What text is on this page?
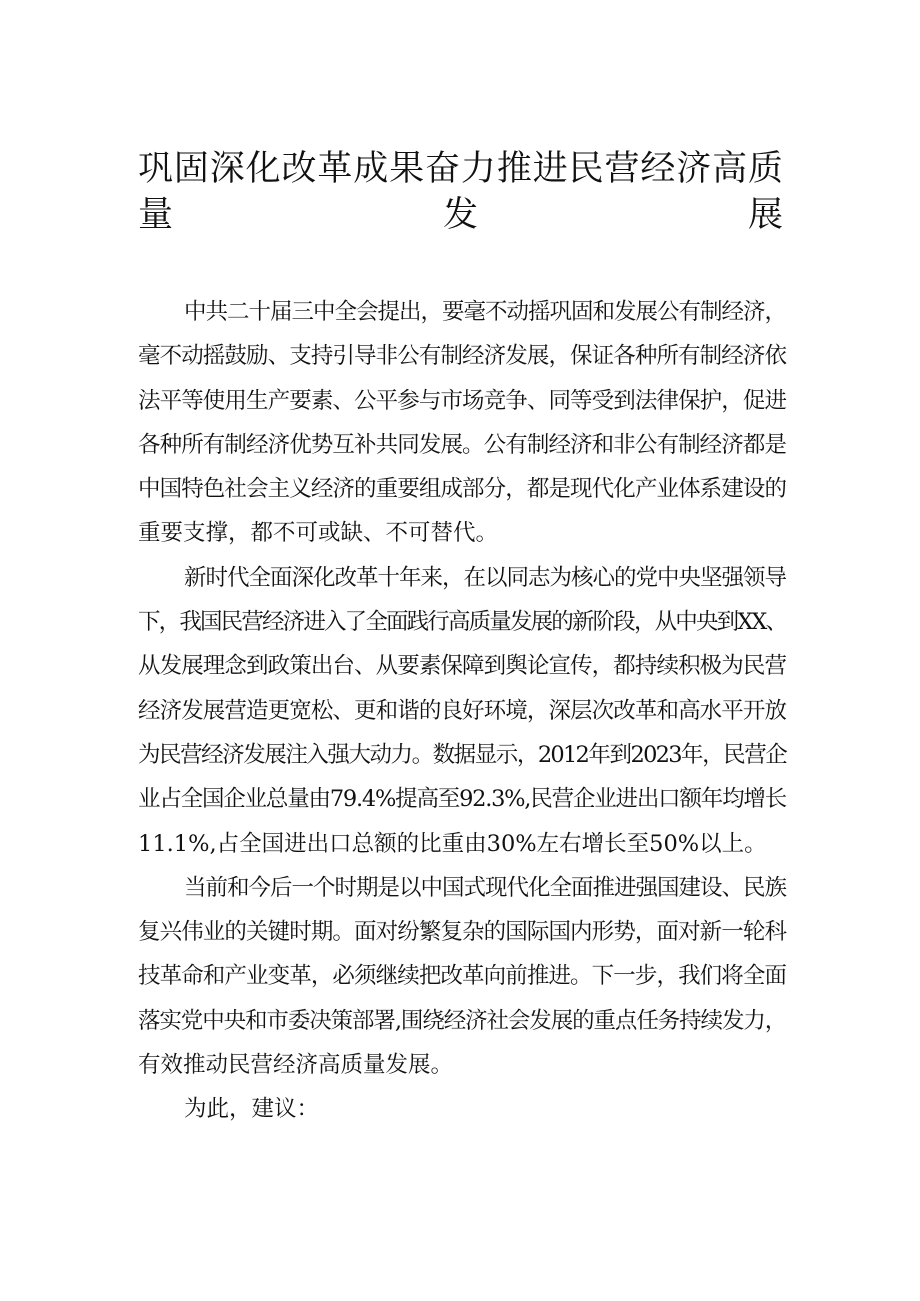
巩固深化改革成果奋力推进民营经济高质
量发展

中共二十届三中全会提出，要毫不动摇巩固和发展公有制经济，
毫不动摇鼓励、支持引导非公有制经济发展，保证各种所有制经济依
法平等使用生产要素、公平参与市场竞争、同等受到法律保护，促进
各种所有制经济优势互补共同发展。公有制经济和非公有制经济都是
中国特色社会主义经济的重要组成部分，都是现代化产业体系建设的
重要支撑，都不可或缺、不可替代。

新时代全面深化改革十年来，在以同志为核心的党中央坚强领导
下，我国民营经济进入了全面践行高质量发展的新阶段，从中央到XX、
从发展理念到政策出台、从要素保障到舆论宣传，都持续积极为民营
经济发展营造更宽松、更和谐的良好环境，深层次改革和高水平开放
为民营经济发展注入强大动力。数据显示，2012年到2023年，民营企
业占全国企业总量由79.4%提高至92.3%,民营企业进出口额年均增长
11.1%,占全国进出口总额的比重由30%左右增长至50%以上。

当前和今后一个时期是以中国式现代化全面推进强国建设、民族
复兴伟业的关键时期。面对纷繁复杂的国际国内形势，面对新一轮科
技革命和产业变革，必须继续把改革向前推进。下一步，我们将全面
落实党中央和市委决策部署,围绕经济社会发展的重点任务持续发力，
有效推动民营经济高质量发展。

为此，建议：
